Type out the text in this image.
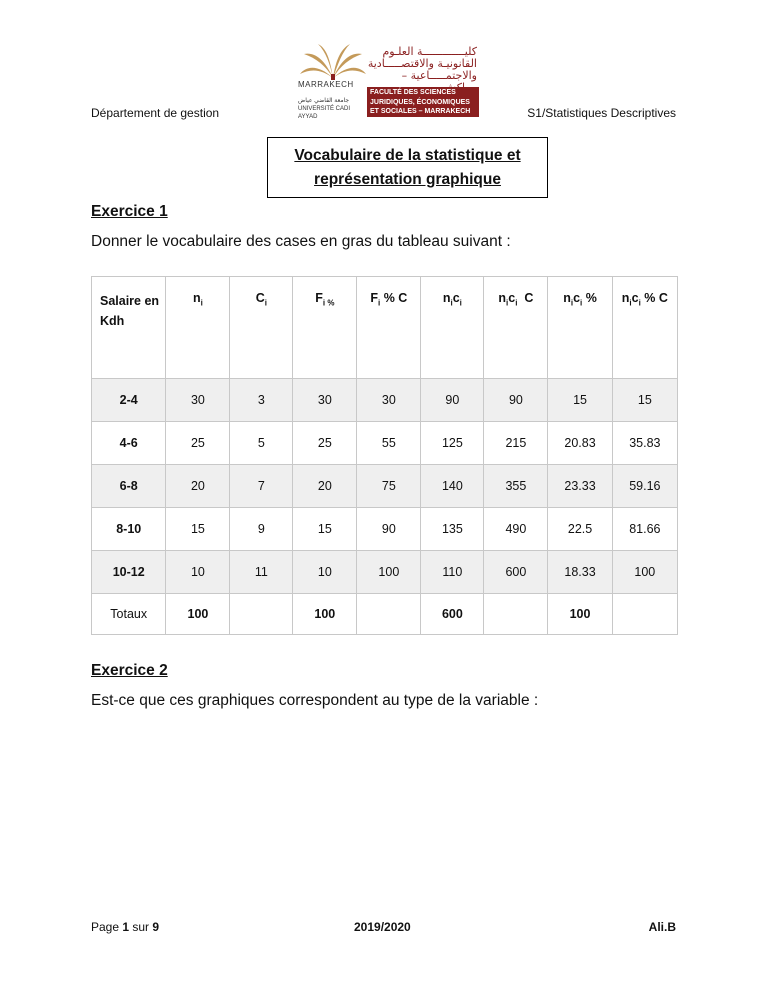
Département de gestion
MARRAKECH
جامعة القاضي عياض UNIVERSITÉ CADI AYYAD
كليـــــــــــــة العلـوم القانونيـة والاقتصـــــادية والاجتمـــــاعية –
FACULTÉ DES SCIENCES JURIDIQUES, ÉCONOMIQUES ET SOCIALES – MARRAKECH	S1/Statistiques Descriptives
Vocabulaire de la statistique et
représentation graphique
Exercice 1
Donner le vocabulaire des cases en gras du tableau suivant :
Salaire en Kdh	$n_i$	$C_i$	$F_{i \%}$	$F_i$ % C	$n_ic_i$	$n_ic_i$  C	$n_ic_i$ %	$n_ic_i$ % C
2-4	30	3	30	30	90	90	15	15
4-6	25	5	25	55	125	215	20.83	35.83
6-8	20	7	20	75	140	355	23.33	59.16
8-10	15	9	15	90	135	490	22.5	81.66
10-12	10	11	10	100	110	600	18.33	100
Totaux	100		100		600		100	
Exercice 2
Est-ce que ces graphiques correspondent au type de la variable :
Page 1 sur 9	2019/2020	Ali.B
